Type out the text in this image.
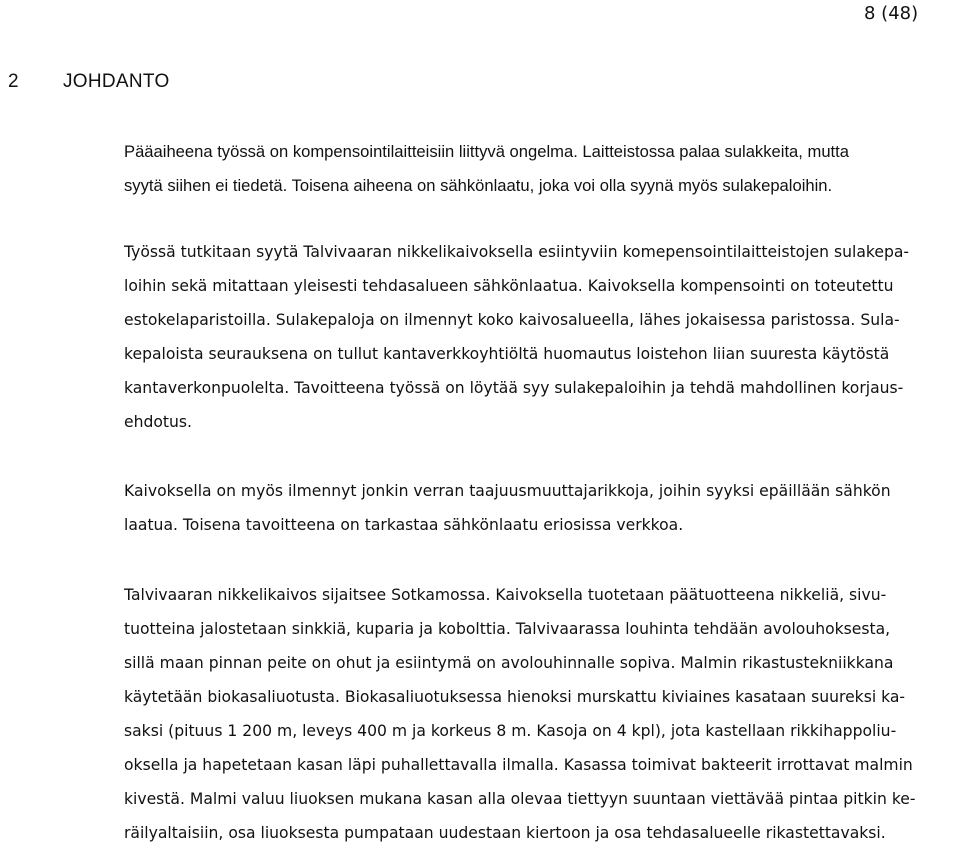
8 (48)
2 JOHDANTO

Pääaiheena työssä on kompensointilaitteisiin liittyvä ongelma. Laitteistossa palaa sulakkeita, mutta
syytä siihen ei tiedetä. Toisena aiheena on sähkönlaatu, joka voi olla syynä myös sulakepaloihin.

Työssä tutkitaan syytä Talvivaaran nikkelikaivoksella esiintyviin komepensointilaitteistojen sulakepa-
loihin sekä mitattaan yleisesti tehdasalueen sähkönlaatua. Kaivoksella kompensointi on toteutettu
estokelaparistoilla. Sulakepaloja on ilmennyt koko kaivosalueella, lähes jokaisessa paristossa. Sula-
kepaloista seurauksena on tullut kantaverkkoyhtiöltä huomautus loistehon liian suuresta käytöstä
kantaverkonpuolelta. Tavoitteena työssä on löytää syy sulakepaloihin ja tehdä mahdollinen korjaus-
ehdotus.

Kaivoksella on myös ilmennyt jonkin verran taajuusmuuttajarikkoja, joihin syyksi epäillään sähkön
laatua. Toisena tavoitteena on tarkastaa sähkönlaatu eriosissa verkkoa.

Talvivaaran nikkelikaivos sijaitsee Sotkamossa. Kaivoksella tuotetaan päätuotteena nikkeliä, sivu-
tuotteina jalostetaan sinkkiä, kuparia ja kobolttia. Talvivaarassa louhinta tehdään avolouhoksesta,
sillä maan pinnan peite on ohut ja esiintymä on avolouhinnalle sopiva. Malmin rikastustekniikkana
käytetään biokasaliuotusta. Biokasaliuotuksessa hienoksi murskattu kiviaines kasataan suureksi ka-
saksi (pituus 1 200 m, leveys 400 m ja korkeus 8 m. Kasoja on 4 kpl), jota kastellaan rikkihappoliu-
oksella ja hapetetaan kasan läpi puhallettavalla ilmalla. Kasassa toimivat bakteerit irrottavat malmin
kivestä. Malmi valuu liuoksen mukana kasan alla olevaa tiettyyn suuntaan viettävää pintaa pitkin ke-
räilyaltaisiin, osa liuoksesta pumpataan uudestaan kiertoon ja osa tehdasalueelle rikastettavaksi.
